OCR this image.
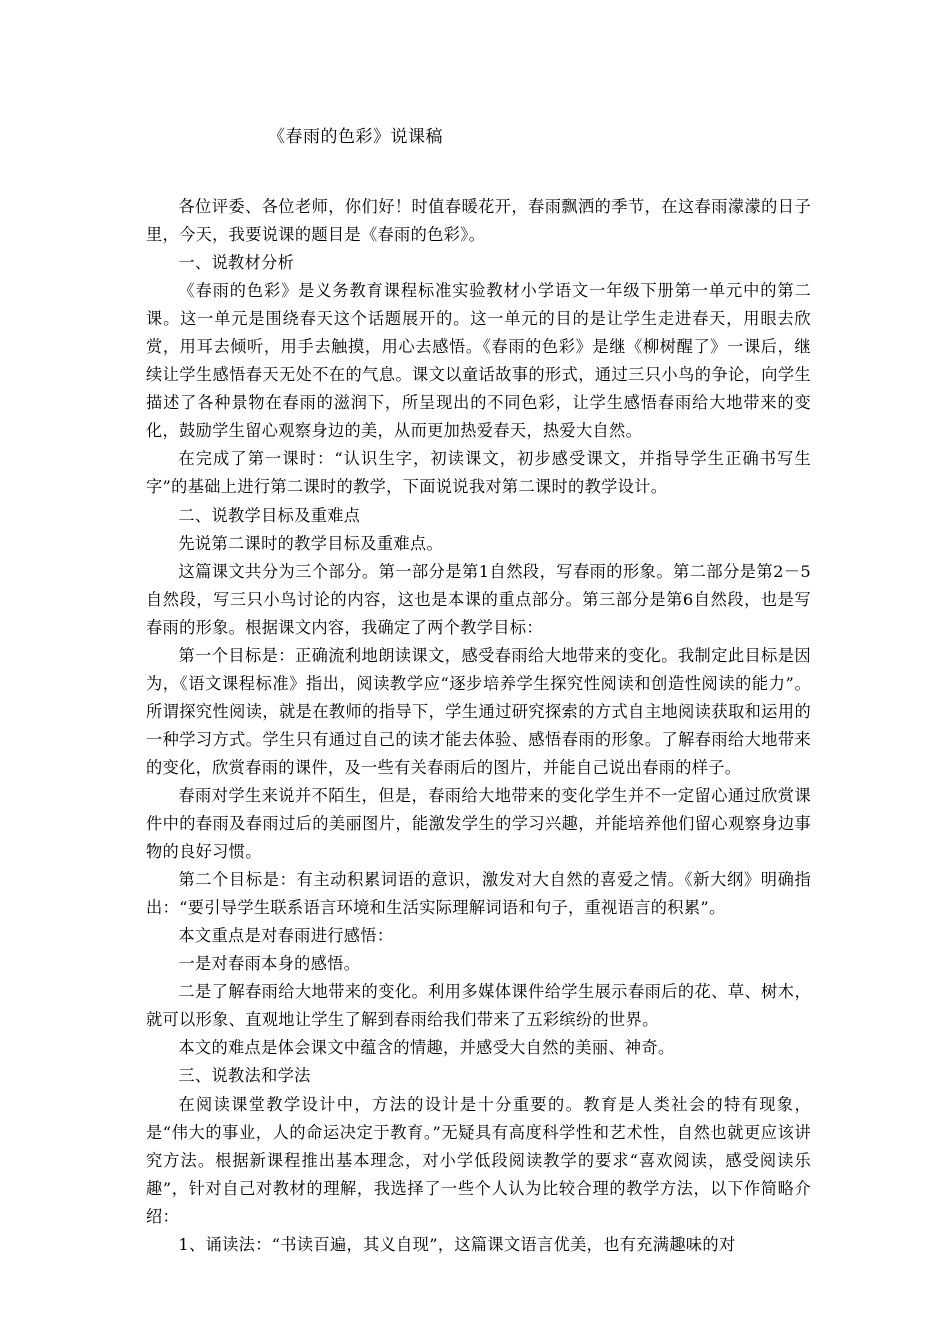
《春雨的色彩》说课稿

各位评委、各位老师，你们好！时值春暖花开，春雨飘洒的季节，在这春雨濛濛的日子里，今天，我要说课的题目是《春雨的色彩》。

一、说教材分析

《春雨的色彩》是义务教育课程标准实验教材小学语文一年级下册第一单元中的第二课。这一单元是围绕春天这个话题展开的。这一单元的目的是让学生走进春天，用眼去欣赏，用耳去倾听，用手去触摸，用心去感悟。《春雨的色彩》是继《柳树醒了》一课后，继续让学生感悟春天无处不在的气息。课文以童话故事的形式，通过三只小鸟的争论，向学生描述了各种景物在春雨的滋润下，所呈现出的不同色彩，让学生感悟春雨给大地带来的变化，鼓励学生留心观察身边的美，从而更加热爱春天，热爱大自然。

在完成了第一课时：“认识生字，初读课文，初步感受课文，并指导学生正确书写生字”的基础上进行第二课时的教学，下面说说我对第二课时的教学设计。

二、说教学目标及重难点

先说第二课时的教学目标及重难点。

这篇课文共分为三个部分。第一部分是第1自然段，写春雨的形象。第二部分是第2－5自然段，写三只小鸟讨论的内容，这也是本课的重点部分。第三部分是第6自然段，也是写春雨的形象。根据课文内容，我确定了两个教学目标：

第一个目标是：正确流利地朗读课文，感受春雨给大地带来的变化。我制定此目标是因为，《语文课程标准》指出，阅读教学应“逐步培养学生探究性阅读和创造性阅读的能力”。所谓探究性阅读，就是在教师的指导下，学生通过研究探索的方式自主地阅读获取和运用的一种学习方式。学生只有通过自己的读才能去体验、感悟春雨的形象。了解春雨给大地带来的变化，欣赏春雨的课件，及一些有关春雨后的图片，并能自己说出春雨的样子。

春雨对学生来说并不陌生，但是，春雨给大地带来的变化学生并不一定留心通过欣赏课件中的春雨及春雨过后的美丽图片，能激发学生的学习兴趣，并能培养他们留心观察身边事物的良好习惯。

第二个目标是：有主动积累词语的意识，激发对大自然的喜爱之情。《新大纲》明确指出：“要引导学生联系语言环境和生活实际理解词语和句子，重视语言的积累”。

本文重点是对春雨进行感悟：

一是对春雨本身的感悟。

二是了解春雨给大地带来的变化。利用多媒体课件给学生展示春雨后的花、草、树木，就可以形象、直观地让学生了解到春雨给我们带来了五彩缤纷的世界。

本文的难点是体会课文中蕴含的情趣，并感受大自然的美丽、神奇。

三、说教法和学法

在阅读课堂教学设计中，方法的设计是十分重要的。教育是人类社会的特有现象，是“伟大的事业，人的命运决定于教育。”无疑具有高度科学性和艺术性，自然也就更应该讲究方法。根据新课程推出基本理念，对小学低段阅读教学的要求“喜欢阅读，感受阅读乐趣”，针对自己对教材的理解，我选择了一些个人认为比较合理的教学方法，以下作简略介绍：

1、诵读法：“书读百遍，其义自现”，这篇课文语言优美，也有充满趣味的对
